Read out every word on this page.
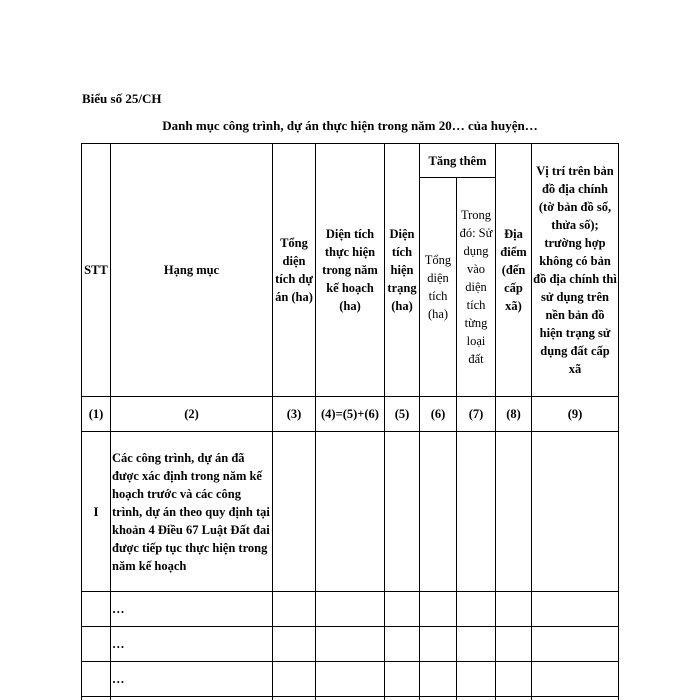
Biểu số 25/CH
Danh mục công trình, dự án thực hiện trong năm 20… của huyện…
STT	Hạng mục	Tổng diện tích dự án (ha)	Diện tích thực hiện trong năm kế hoạch (ha)	Diện tích hiện trạng (ha)	Tăng thêm		Địa điểm (đến cấp xã)	Vị trí trên bản đồ địa chính (tờ bản đồ số, thửa số); trường hợp không có bản đồ địa chính thì sử dụng trên nền bản đồ hiện trạng sử dụng đất cấp xã
					Tổng diện tích (ha)	Trong đó: Sử dụng vào diện tích từng loại đất		
(1)	(2)	(3)	(4)=(5)+(6)	(5)	(6)	(7)	(8)	(9)
I	Các công trình, dự án đã được xác định trong năm kế hoạch trước và các công trình, dự án theo quy định tại khoản 4 Điều 67 Luật Đất đai được tiếp tục thực hiện trong năm kế hoạch							
	…							
	…							
	…							
